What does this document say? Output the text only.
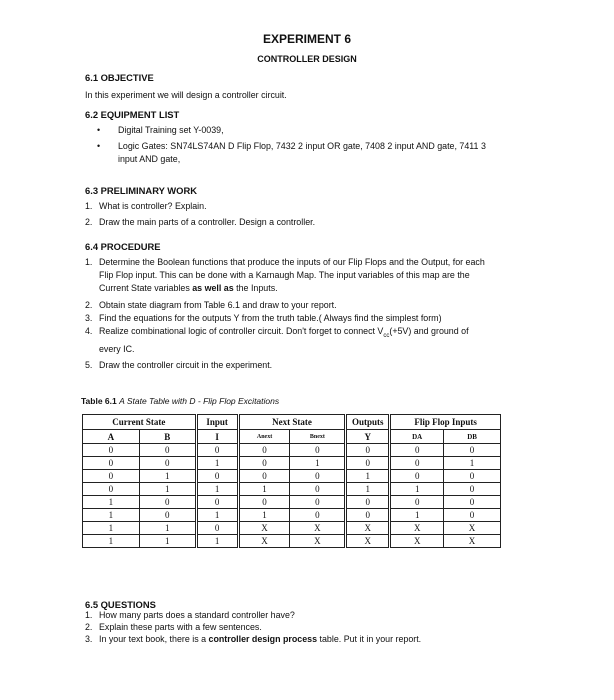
EXPERIMENT 6
CONTROLLER DESIGN
6.1 OBJECTIVE
In this experiment we will design a controller circuit.
6.2 EQUIPMENT LIST
•	Digital Training set Y-0039,
•	Logic Gates: SN74LS74AN D Flip Flop, 7432 2 input OR gate, 7408 2 input AND gate, 7411 3
input AND gate,
6.3 PRELIMINARY WORK
1. What is controller? Explain.
2. Draw the main parts of a controller. Design a controller.
6.4 PROCEDURE
1. Determine the Boolean functions that produce the inputs of our Flip Flops and the Output, for each
Flip Flop input. This can be done with a Karnaugh Map. The input variables of this map are the
Current State variables as well as the Inputs.
2. Obtain state diagram from Table 6.1 and draw to your report.
3. Find the equations for the outputs Y from the truth table.( Always find the simplest form)
4. Realize combinational logic of controller circuit. Don't forget to connect $V_{cc}(+5V)$ and ground of
every IC.
5. Draw the controller circuit in the experiment.
Table 6.1 A State Table with D - Flip Flop Excitations
Current State		Input	Next State		Outputs	Flip Flop Inputs	
A	B	I	Anext	Bnext	Y	DA	DB
0	0	0	0	0	0	0	0
0	0	1	0	1	0	0	1
0	1	0	0	0	1	0	0
0	1	1	1	0	1	1	0
1	0	0	0	0	0	0	0
1	0	1	1	0	0	1	0
1	1	0	X	X	X	X	X
1	1	1	X	X	X	X	X
6.5 QUESTIONS
1. How many parts does a standard controller have?
2. Explain these parts with a few sentences.
3. In your text book, there is a controller design process table. Put it in your report.
